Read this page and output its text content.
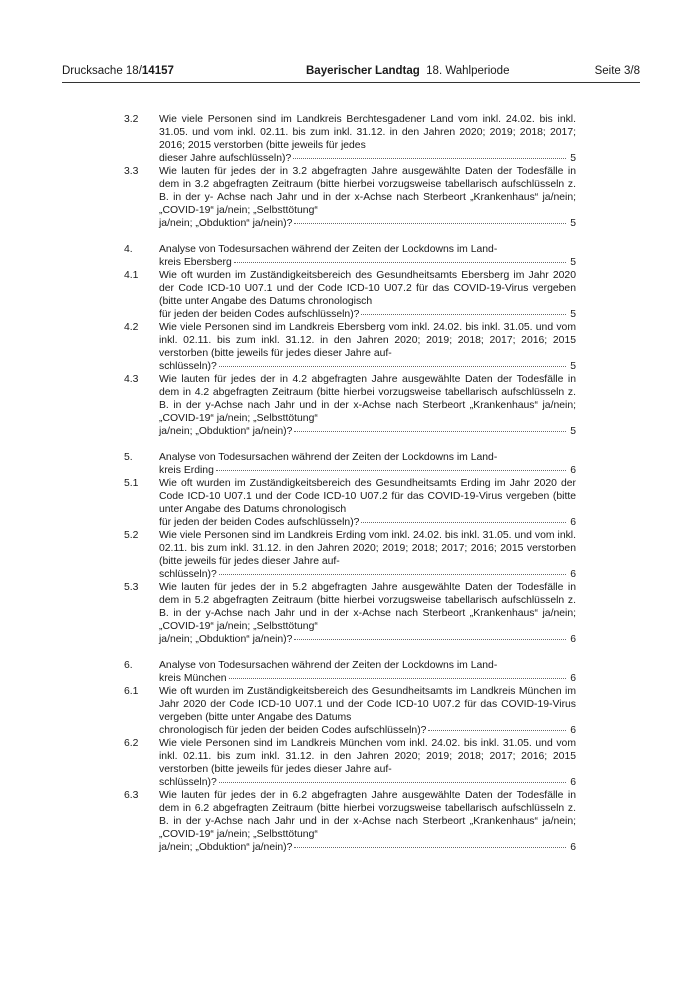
Drucksache 18/14157	Bayerischer Landtag 18. Wahlperiode	Seite 3/8
3.2 Wie viele Personen sind im Landkreis Berchtesgadener Land vom inkl. 24.02. bis inkl. 31.05. und vom inkl. 02.11. bis zum inkl. 31.12. in den Jahren 2020; 2019; 2018; 2017; 2016; 2015 verstorben (bitte jeweils für jedes
dieser Jahre aufschlüsseln)?	5
3.3 Wie lauten für jedes der in 3.2 abgefragten Jahre ausgewählte Daten der Todesfälle in dem in 3.2 abgefragten Zeitraum (bitte hierbei vorzugsweise tabellarisch aufschlüsseln z. B. in der y- Achse nach Jahr und in der x-Achse nach Sterbeort „Krankenhaus“ ja/nein; „COVID-19“ ja/nein; „Selbsttötung“
ja/nein; „Obduktion“ ja/nein)?	5
4.	Analyse von Todesursachen während der Zeiten der Lockdowns im Land-
kreis Ebersberg	5
4.1 Wie oft wurden im Zuständigkeitsbereich des Gesundheitsamts Ebersberg im Jahr 2020 der Code ICD-10 U07.1 und der Code ICD-10 U07.2 für das COVID-19-Virus vergeben (bitte unter Angabe des Datums chronologisch
für jeden der beiden Codes aufschlüsseln)?	5
4.2 Wie viele Personen sind im Landkreis Ebersberg vom inkl. 24.02. bis inkl. 31.05. und vom inkl. 02.11. bis zum inkl. 31.12. in den Jahren 2020; 2019; 2018; 2017; 2016; 2015 verstorben (bitte jeweils für jedes dieser Jahre auf-
schlüsseln)?	5
4.3 Wie lauten für jedes der in 4.2 abgefragten Jahre ausgewählte Daten der Todesfälle in dem in 4.2 abgefragten Zeitraum (bitte hierbei vorzugsweise tabellarisch aufschlüsseln z. B. in der y-Achse nach Jahr und in der x-Achse nach Sterbeort „Krankenhaus“ ja/nein; „COVID-19“ ja/nein; „Selbsttötung“
ja/nein; „Obduktion“ ja/nein)?	5
5.	Analyse von Todesursachen während der Zeiten der Lockdowns im Land-
kreis Erding	6
5.1 Wie oft wurden im Zuständigkeitsbereich des Gesundheitsamts Erding im Jahr 2020 der Code ICD-10 U07.1 und der Code ICD-10 U07.2 für das COVID-19-Virus vergeben (bitte unter Angabe des Datums chronologisch
für jeden der beiden Codes aufschlüsseln)?	6
5.2 Wie viele Personen sind im Landkreis Erding vom inkl. 24.02. bis inkl. 31.05. und vom inkl. 02.11. bis zum inkl. 31.12. in den Jahren 2020; 2019; 2018; 2017; 2016; 2015 verstorben (bitte jeweils für jedes dieser Jahre auf-
schlüsseln)?	6
5.3 Wie lauten für jedes der in 5.2 abgefragten Jahre ausgewählte Daten der Todesfälle in dem in 5.2 abgefragten Zeitraum (bitte hierbei vorzugsweise tabellarisch aufschlüsseln z. B. in der y-Achse nach Jahr und in der x-Achse nach Sterbeort „Krankenhaus“ ja/nein; „COVID-19“ ja/nein; „Selbsttötung“
ja/nein; „Obduktion“ ja/nein)?	6
6.	Analyse von Todesursachen während der Zeiten der Lockdowns im Land-
kreis München	6
6.1 Wie oft wurden im Zuständigkeitsbereich des Gesundheitsamts im Landkreis München im Jahr 2020 der Code ICD-10 U07.1 und der Code ICD-10 U07.2 für das COVID-19-Virus vergeben (bitte unter Angabe des Datums
chronologisch für jeden der beiden Codes aufschlüsseln)?	6
6.2 Wie viele Personen sind im Landkreis München vom inkl. 24.02. bis inkl. 31.05. und vom inkl. 02.11. bis zum inkl. 31.12. in den Jahren 2020; 2019; 2018; 2017; 2016; 2015 verstorben (bitte jeweils für jedes dieser Jahre auf-
schlüsseln)?	6
6.3 Wie lauten für jedes der in 6.2 abgefragten Jahre ausgewählte Daten der Todesfälle in dem in 6.2 abgefragten Zeitraum (bitte hierbei vorzugsweise tabellarisch aufschlüsseln z. B. in der y-Achse nach Jahr und in der x-Achse nach Sterbeort „Krankenhaus“ ja/nein; „COVID-19“ ja/nein; „Selbsttötung“
ja/nein; „Obduktion“ ja/nein)?	6
